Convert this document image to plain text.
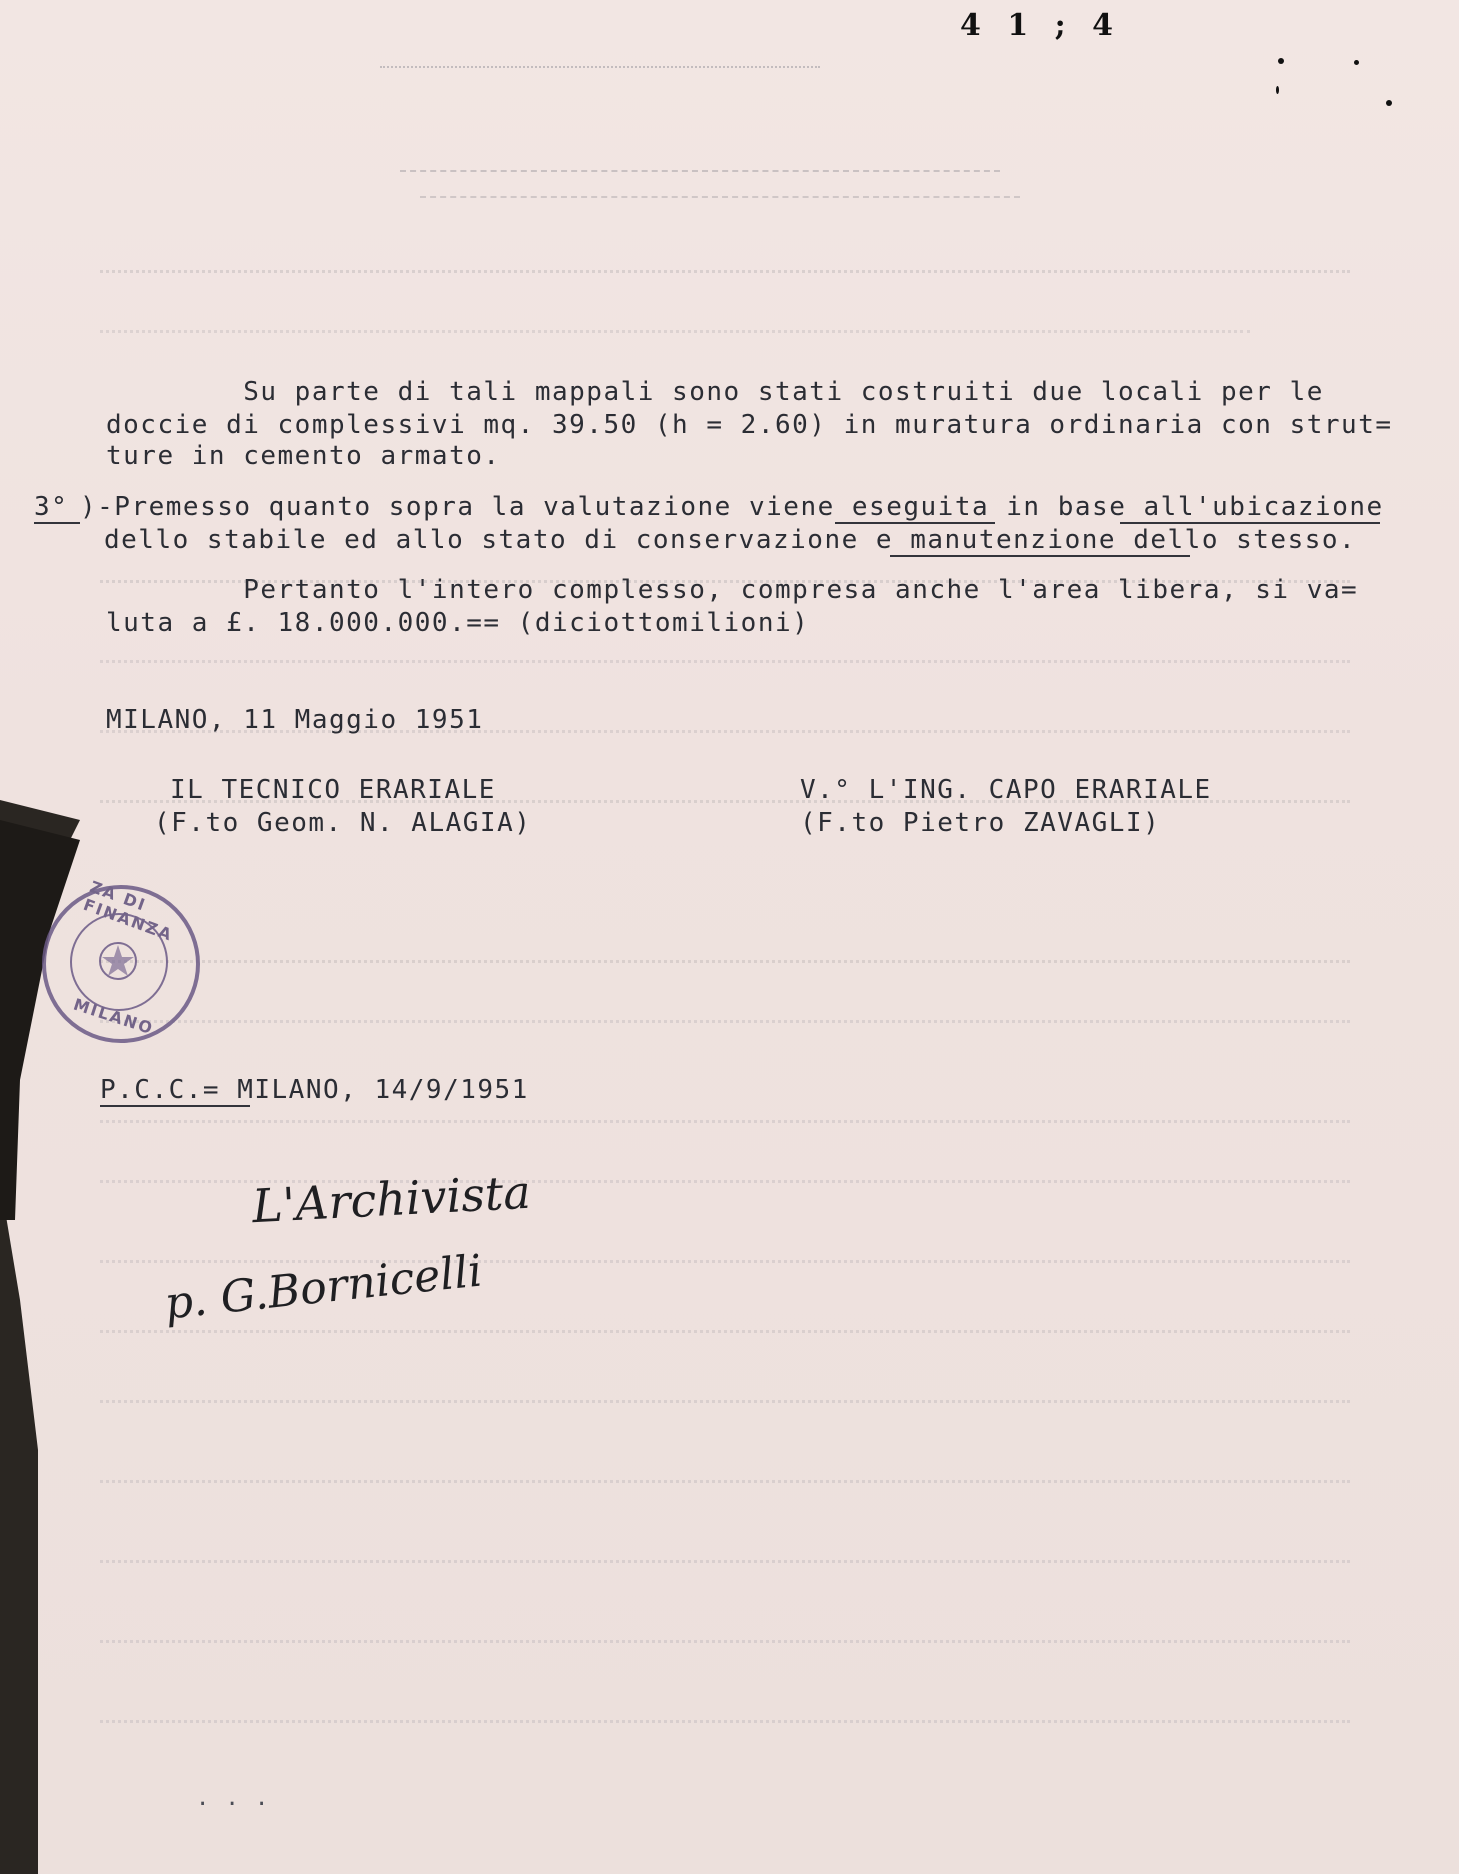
4 1 ; 4
Su parte di tali mappali sono stati costruiti due locali per le
doccie di complessivi mq. 39.50 (h = 2.60) in muratura ordinaria con strut=
ture in cemento armato.
3° )-Premesso quanto sopra la valutazione viene eseguita in base all'ubicazione
dello stabile ed allo stato di conservazione e manutenzione dello stesso.
Pertanto l'intero complesso, compresa anche l'area libera, si va=
luta a £. 18.000.000.== (diciottomilioni)
MILANO, 11 Maggio 1951
IL TECNICO ERARIALE
(F.to Geom. N. ALAGIA)
V.° L'ING. CAPO ERARIALE
(F.to Pietro ZAVAGLI)
ZA DI FINANZA
MILANO
P.C.C.= MILANO, 14/9/1951
L'Archivista
p. G.Bornicelli
. . .
